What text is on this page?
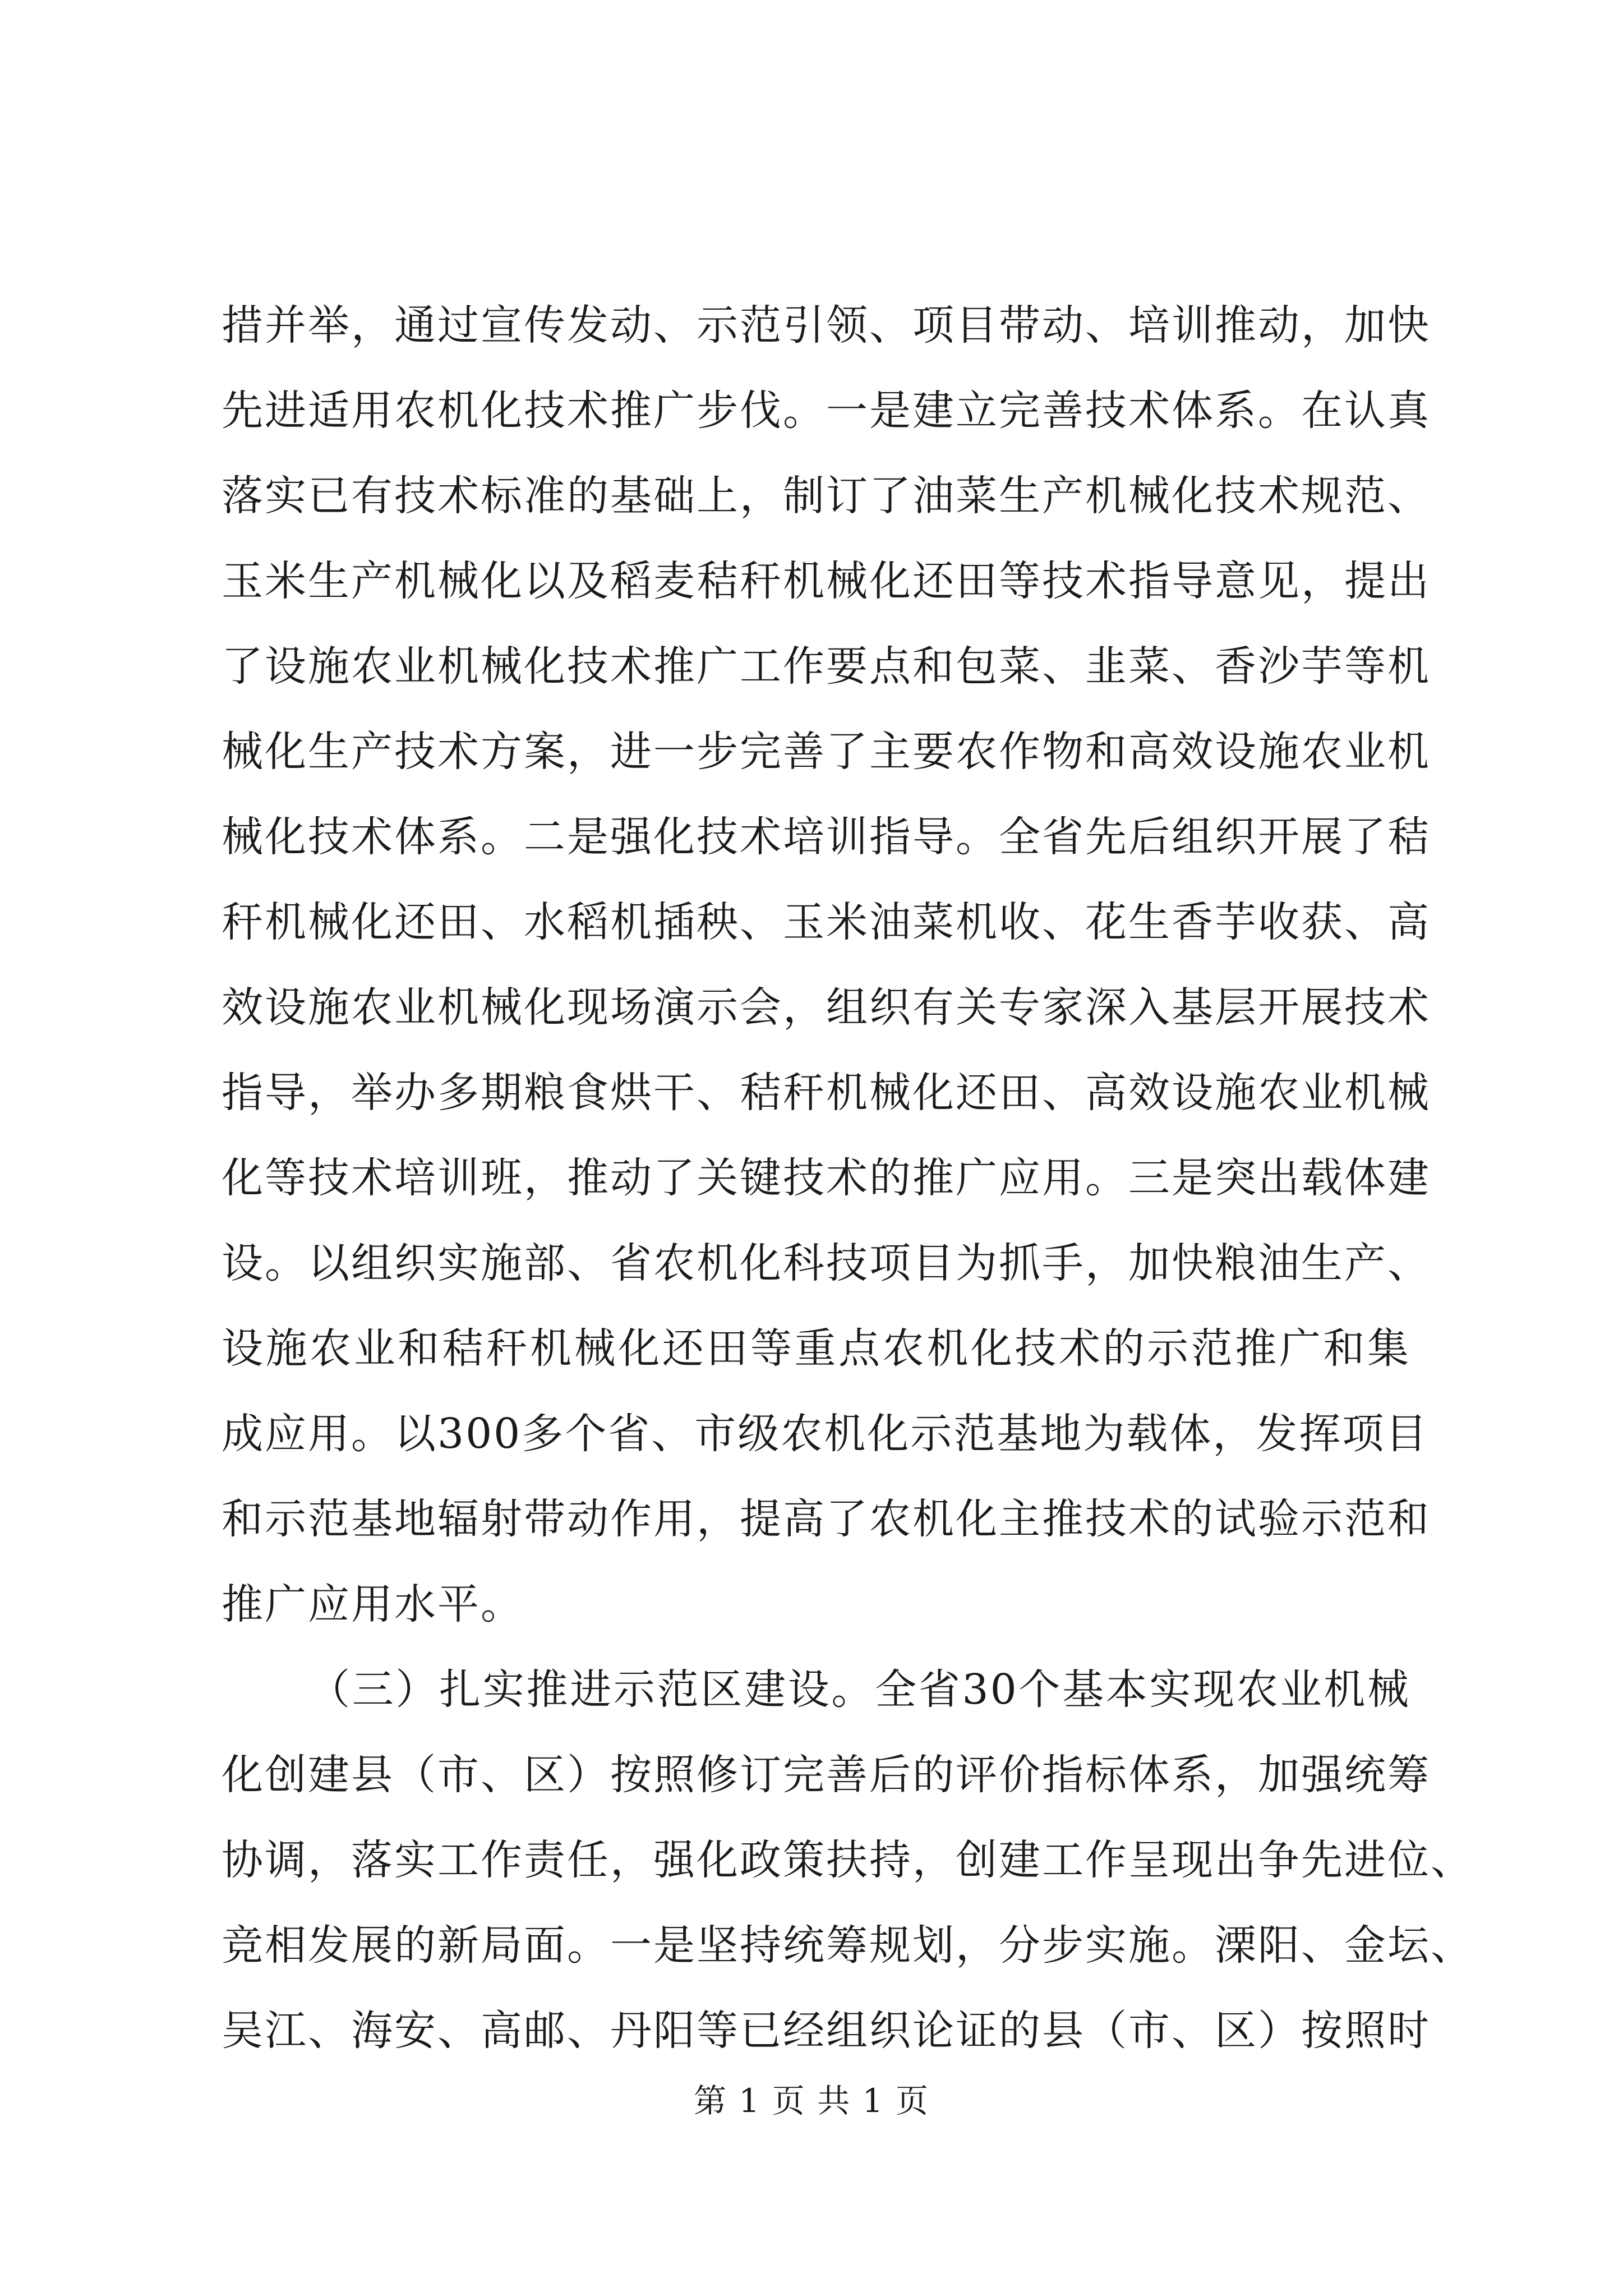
措并举，通过宣传发动、示范引领、项目带动、培训推动，加快
先进适用农机化技术推广步伐。一是建立完善技术体系。在认真
落实已有技术标准的基础上，制订了油菜生产机械化技术规范、
玉米生产机械化以及稻麦秸秆机械化还田等技术指导意见，提出
了设施农业机械化技术推广工作要点和包菜、韭菜、香沙芋等机
械化生产技术方案，进一步完善了主要农作物和高效设施农业机
械化技术体系。二是强化技术培训指导。全省先后组织开展了秸
秆机械化还田、水稻机插秧、玉米油菜机收、花生香芋收获、高
效设施农业机械化现场演示会，组织有关专家深入基层开展技术
指导，举办多期粮食烘干、秸秆机械化还田、高效设施农业机械
化等技术培训班，推动了关键技术的推广应用。三是突出载体建
设。以组织实施部、省农机化科技项目为抓手，加快粮油生产、
设施农业和秸秆机械化还田等重点农机化技术的示范推广和集
成应用。以300多个省、市级农机化示范基地为载体，发挥项目
和示范基地辐射带动作用，提高了农机化主推技术的试验示范和
推广应用水平。
（三）扎实推进示范区建设。全省30个基本实现农业机械
化创建县（市、区）按照修订完善后的评价指标体系，加强统筹
协调，落实工作责任，强化政策扶持，创建工作呈现出争先进位、
竞相发展的新局面。一是坚持统筹规划，分步实施。溧阳、金坛、
吴江、海安、高邮、丹阳等已经组织论证的县（市、区）按照时
第 1 页 共 1 页
